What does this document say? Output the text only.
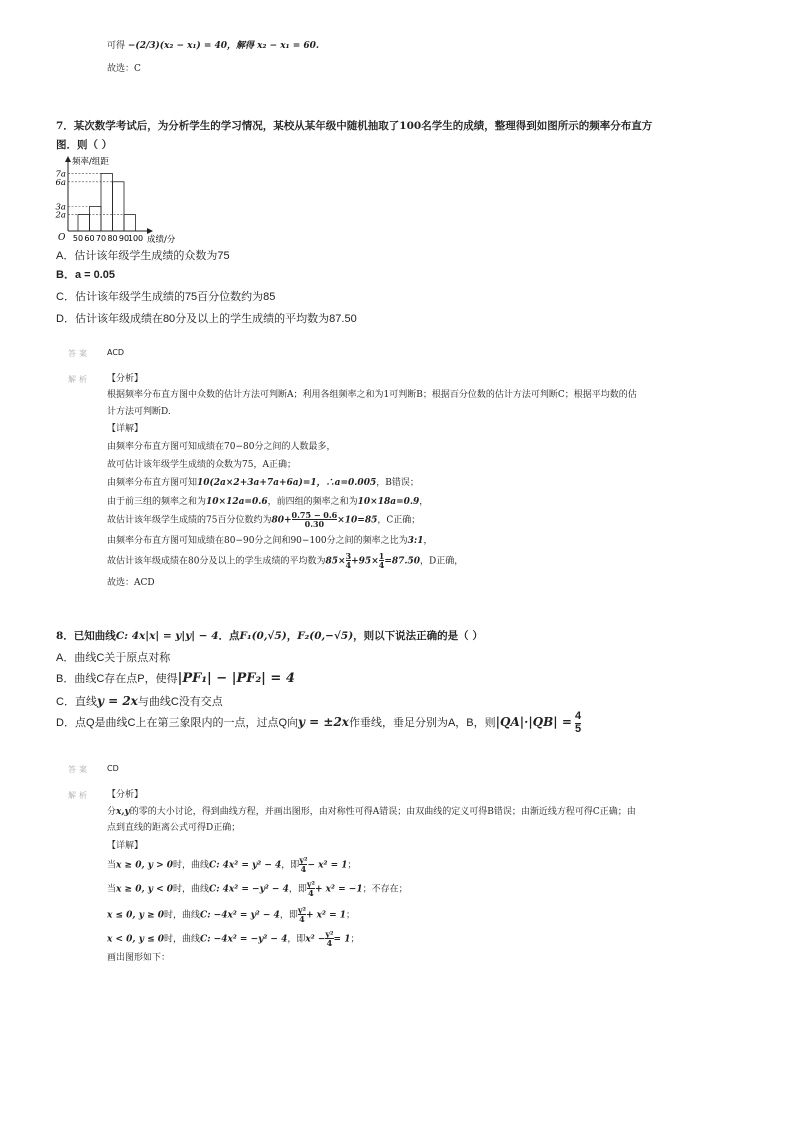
可得 −(2/3)(x₂ − x₁) = 40，解得 x₂ − x₁ = 60.
故选：C
7．某次数学考试后，为分析学生的学习情况，某校从某年级中随机抽取了100名学生的成绩，整理得到如图所示的频率分布直方
图．则（ ）
2a
3a
6a
7a
50 60 70 80 90
100
O
频率/组距
成绩/分
A．估计该年级学生成绩的众数为75
B．a = 0.05
C．估计该年级学生成绩的75百分位数约为85
D．估计该年级成绩在80分及以上的学生成绩的平均数为87.50
答案 ACD
解析 【分析】
根据频率分布直方图中众数的估计方法可判断A；利用各组频率之和为1可判断B；根据百分位数的估计方法可判断C；根据平均数的估
计方法可判断D.
【详解】
由频率分布直方图可知成绩在70−80分之间的人数最多，
故可估计该年级学生成绩的众数为75，A正确；
由频率分布直方图可知10(2a×2+3a+7a+6a)=1，∴a=0.005，B错误；
由于前三组的频率之和为10×12a=0.6，前四组的频率之和为10×18a=0.9，
故估计该年级学生成绩的75百分位数约为$80+ \frac{0.75 - 0.6}{0.30} \times 10=85$，C正确；
由频率分布直方图可知成绩在80−90分之间和90−100分之间的频率之比为3:1，
故估计该年级成绩在80分及以上的学生成绩的平均数为$85\times \frac{3}{4} +95\times \frac{1}{4} =87.50$，D正确，
故选：ACD
8．已知曲线C: 4x|x| = y|y| − 4．点F₁(0,√5)，F₂(0,−√5)，则以下说法正确的是（ ）
A．曲线C关于原点对称
B．曲线C存在点P，使得|PF₁| − |PF₂| = 4
C．直线y = 2x与曲线C没有交点
D．点Q是曲线C上在第三象限内的一点，过点Q向y = ±2x作垂线，垂足分别为A，B，则$|QA|\cdot|QB| = \frac{4}{5}$
答案 CD
解析 【分析】
分x,y的零的大小讨论，得到曲线方程，并画出图形，由对称性可得A错误；由双曲线的定义可得B错误；由渐近线方程可得C正确；由
点到直线的距离公式可得D正确；
【详解】
当x ≥ 0, y > 0时，曲线C: 4x² = y² − 4，即 $\frac{\text{y²}}{4} - x^2 = 1$；
当x ≥ 0, y < 0时，曲线C: 4x² = −y² − 4，即 $\frac{\text{y²}}{4} + x^2 = -1$；不存在；
x ≤ 0, y ≥ 0时，曲线C: −4x² = y² − 4，即 $\frac{\text{y²}}{4} + x^2 = 1$；
x < 0, y ≤ 0时，曲线C: −4x² = −y² − 4，即$x^2 - \frac{\text{y²}}{4} = 1$；
画出图形如下：
